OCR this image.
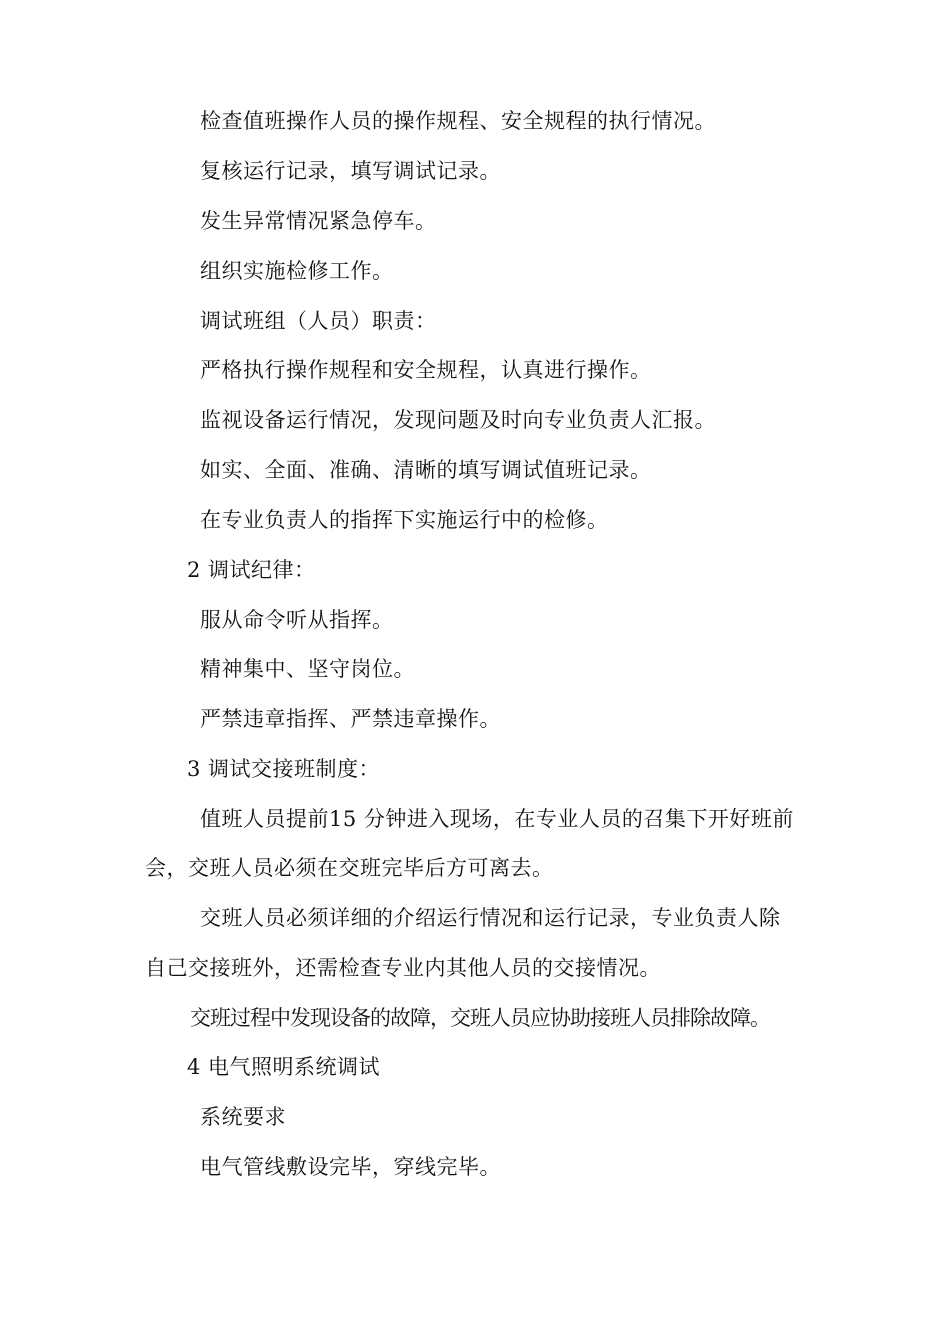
检查值班操作人员的操作规程、安全规程的执行情况。
复核运行记录，填写调试记录。
发生异常情况紧急停车。
组织实施检修工作。
调试班组（人员）职责：
严格执行操作规程和安全规程，认真进行操作。
监视设备运行情况，发现问题及时向专业负责人汇报。
如实、全面、准确、清晰的填写调试值班记录。
在专业负责人的指挥下实施运行中的检修。
2 调试纪律：
服从命令听从指挥。
精神集中、坚守岗位。
严禁违章指挥、严禁违章操作。
3 调试交接班制度：
值班人员提前15 分钟进入现场，在专业人员的召集下开好班前
会，交班人员必须在交班完毕后方可离去。
交班人员必须详细的介绍运行情况和运行记录，专业负责人除
自己交接班外，还需检查专业内其他人员的交接情况。
交班过程中发现设备的故障，交班人员应协助接班人员排除故障。
4 电气照明系统调试
系统要求
电气管线敷设完毕，穿线完毕。
